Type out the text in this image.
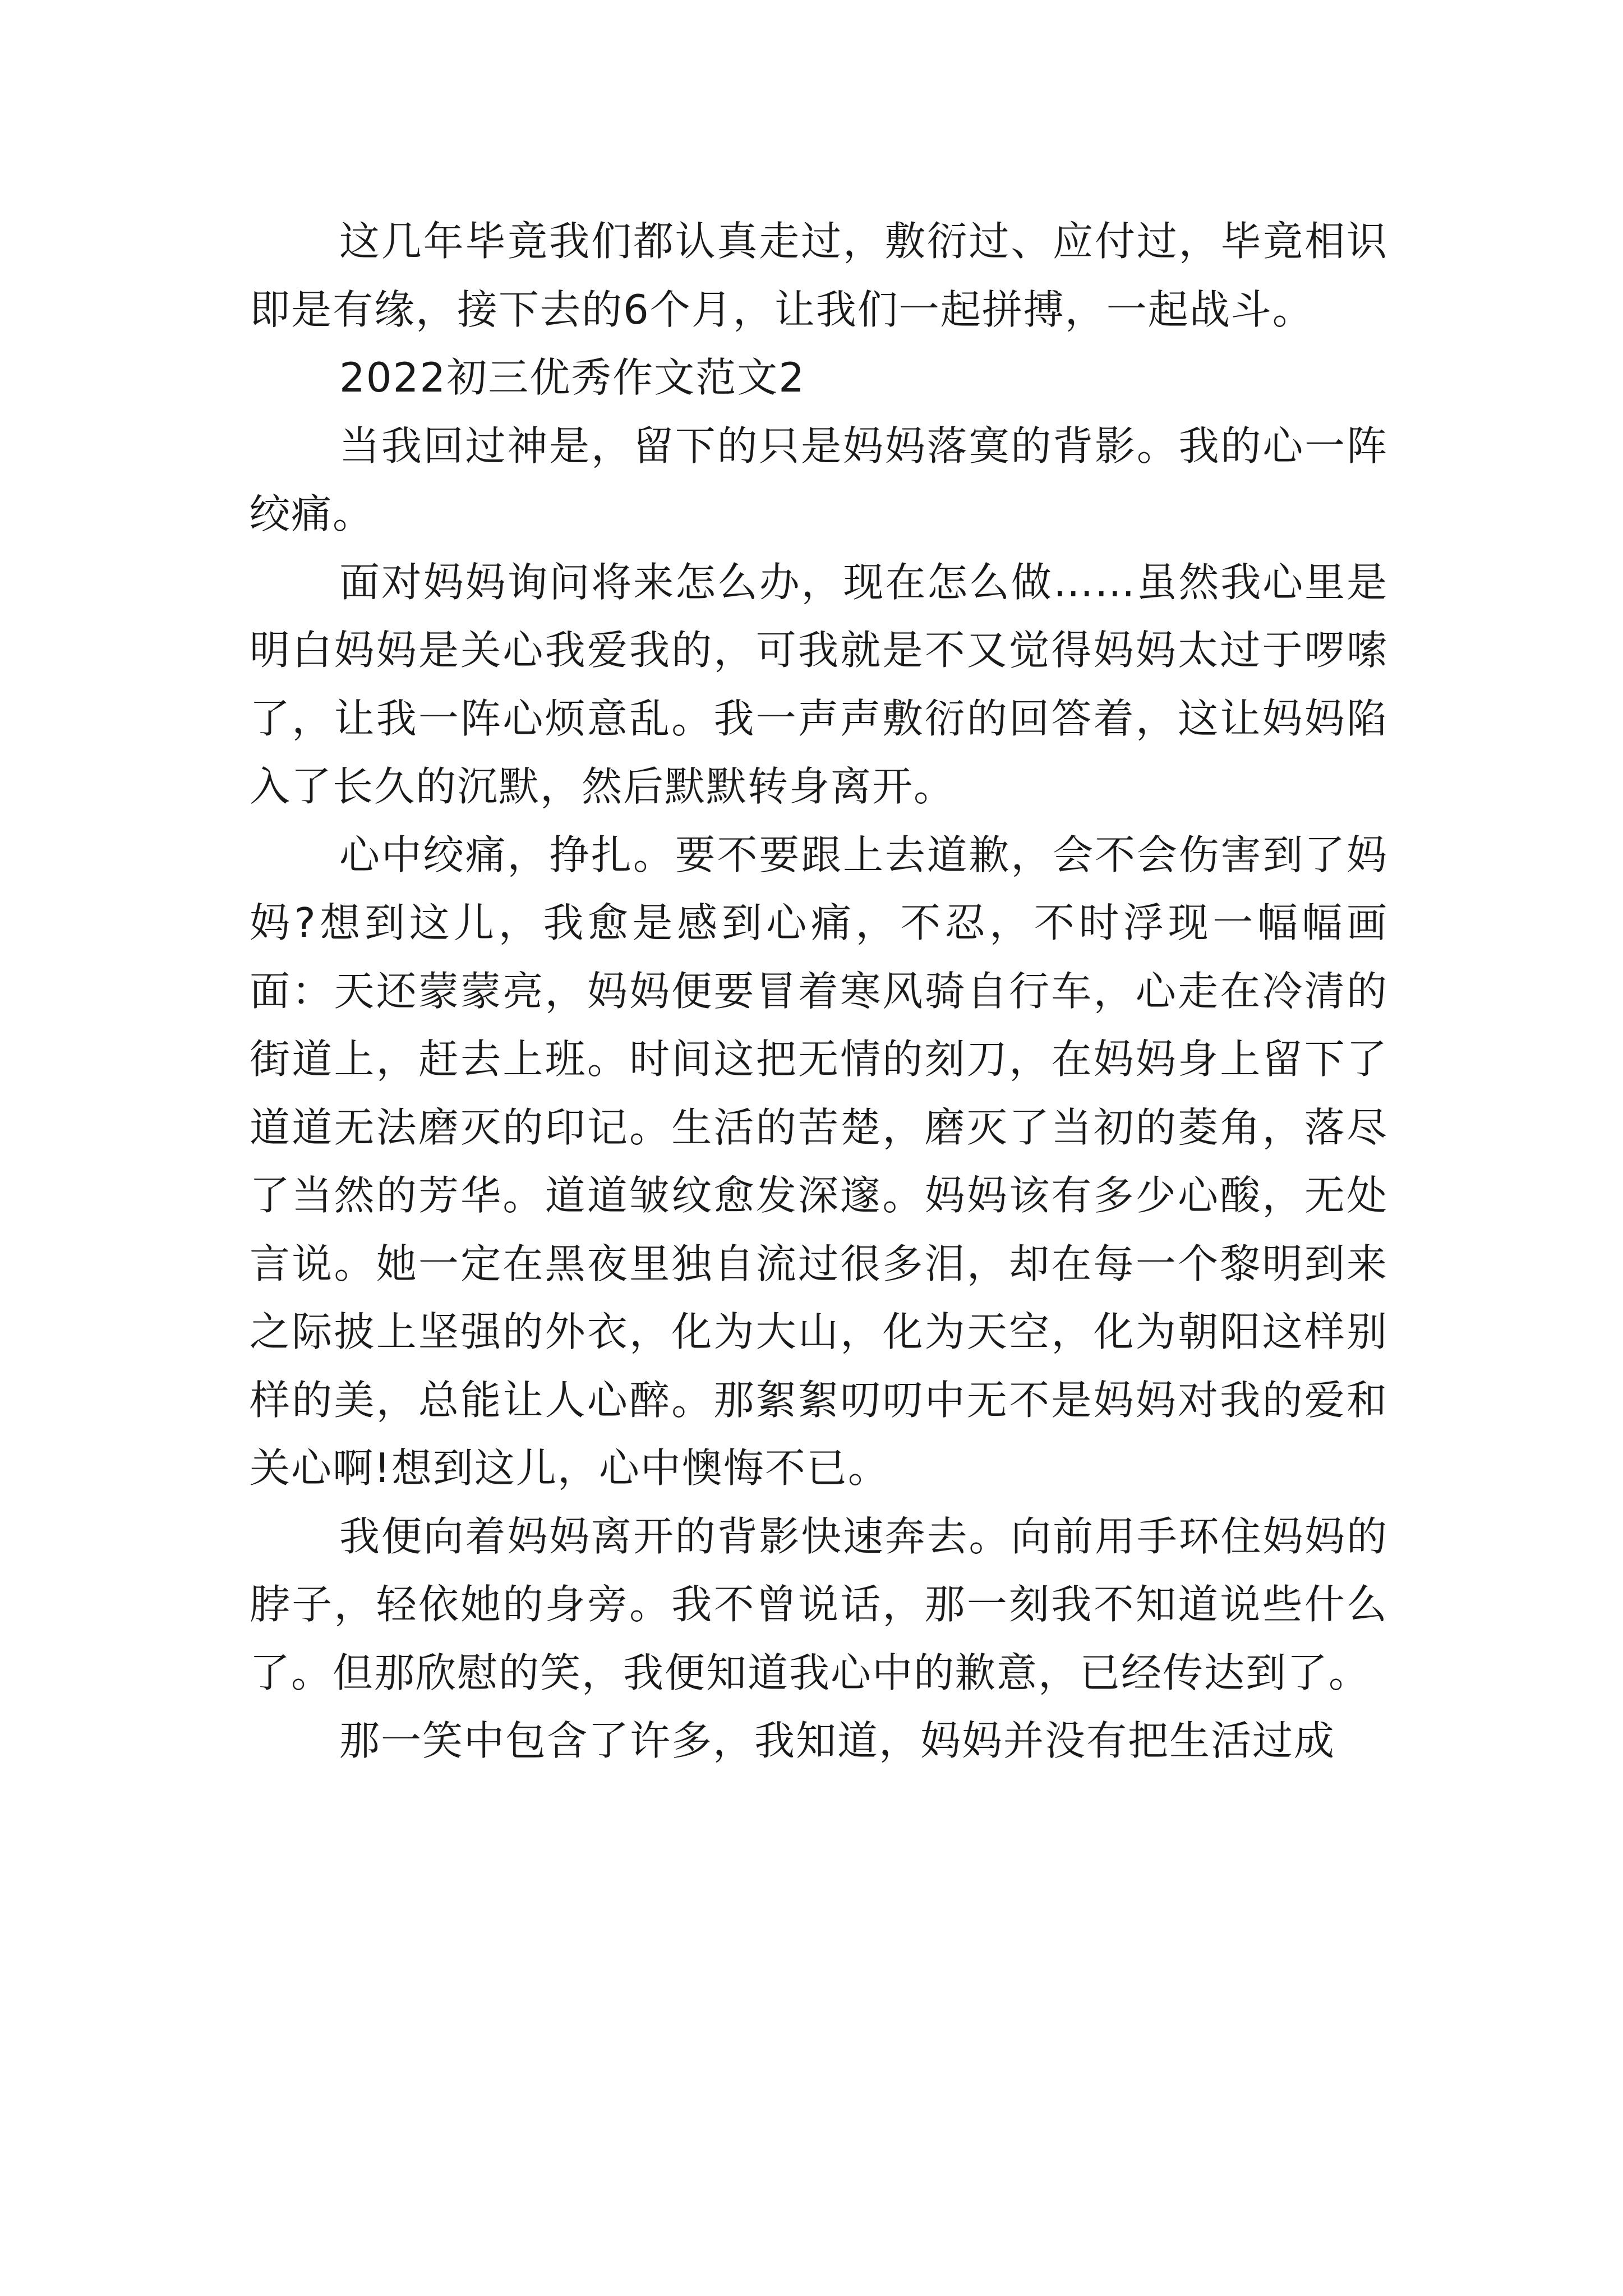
这几年毕竟我们都认真走过，敷衍过、应付过，毕竟相识即是有缘，接下去的6个月，让我们一起拼搏，一起战斗。

2022初三优秀作文范文2

当我回过神是，留下的只是妈妈落寞的背影。我的心一阵绞痛。

面对妈妈询问将来怎么办，现在怎么做……虽然我心里是明白妈妈是关心我爱我的，可我就是不又觉得妈妈太过于啰嗦了，让我一阵心烦意乱。我一声声敷衍的回答着，这让妈妈陷入了长久的沉默，然后默默转身离开。

心中绞痛，挣扎。要不要跟上去道歉，会不会伤害到了妈妈?想到这儿，我愈是感到心痛，不忍，不时浮现一幅幅画面：天还蒙蒙亮，妈妈便要冒着寒风骑自行车，心走在冷清的街道上，赶去上班。时间这把无情的刻刀，在妈妈身上留下了道道无法磨灭的印记。生活的苦楚，磨灭了当初的菱角，落尽了当然的芳华。道道皱纹愈发深邃。妈妈该有多少心酸，无处言说。她一定在黑夜里独自流过很多泪，却在每一个黎明到来之际披上坚强的外衣，化为大山，化为天空，化为朝阳这样别样的美，总能让人心醉。那絮絮叨叨中无不是妈妈对我的爱和关心啊!想到这儿，心中懊悔不已。

我便向着妈妈离开的背影快速奔去。向前用手环住妈妈的脖子，轻依她的身旁。我不曾说话，那一刻我不知道说些什么了。但那欣慰的笑，我便知道我心中的歉意，已经传达到了。

那一笑中包含了许多，我知道，妈妈并没有把生活过成
